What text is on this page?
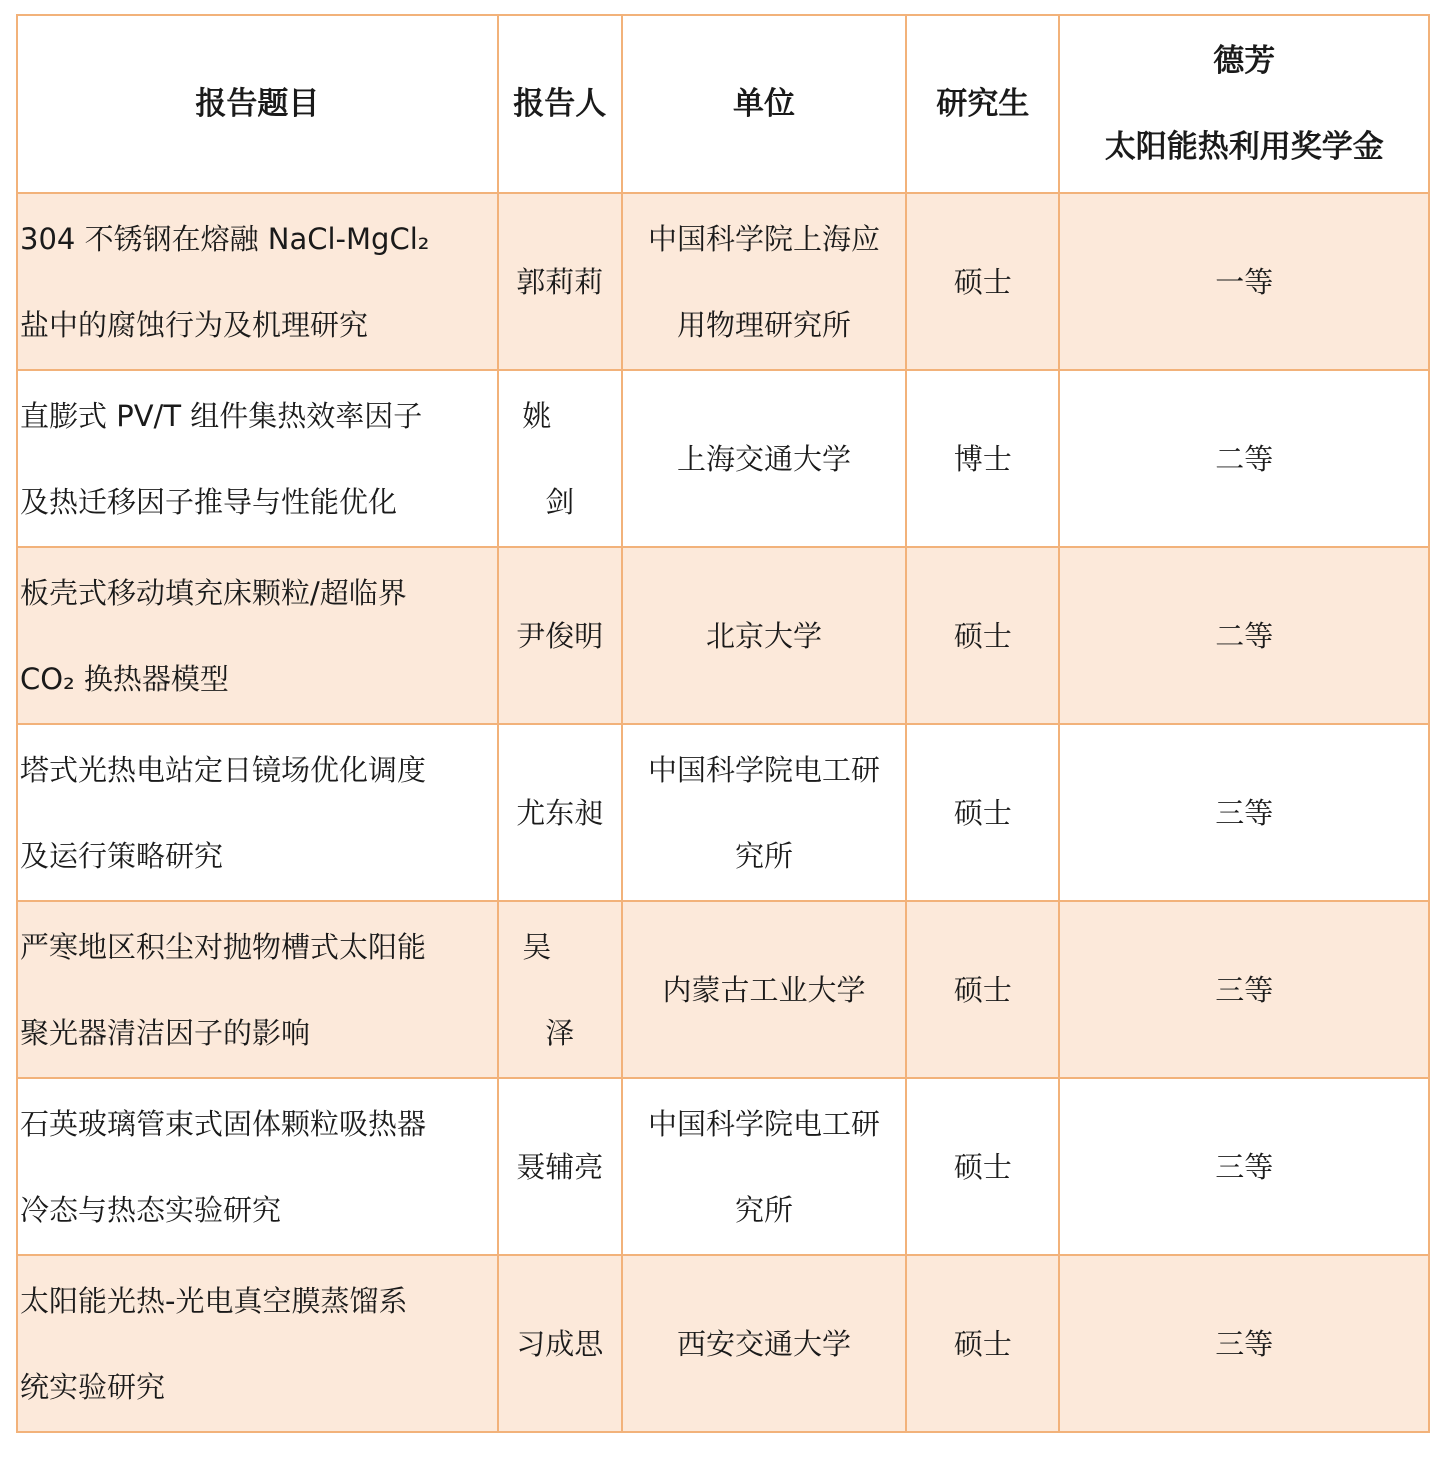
报告题目	报告人	单位	研究生	德芳
太阳能热利用奖学金

304 不锈钢在熔融 NaCl-MgCl₂
盐中的腐蚀行为及机理研究	郭莉莉	中国科学院上海应
用物理研究所	硕士	一等

直膨式 PV/T 组件集热效率因子
及热迁移因子推导与性能优化	姚剑	上海交通大学	博士	二等

板壳式移动填充床颗粒/超临界
CO₂ 换热器模型	尹俊明	北京大学	硕士	二等

塔式光热电站定日镜场优化调度
及运行策略研究	尤东昶	中国科学院电工研
究所	硕士	三等

严寒地区积尘对抛物槽式太阳能
聚光器清洁因子的影响	吴泽	内蒙古工业大学	硕士	三等

石英玻璃管束式固体颗粒吸热器
冷态与热态实验研究	聂辅亮	中国科学院电工研
究所	硕士	三等

太阳能光热-光电真空膜蒸馏系
统实验研究	习成思	西安交通大学	硕士	三等
